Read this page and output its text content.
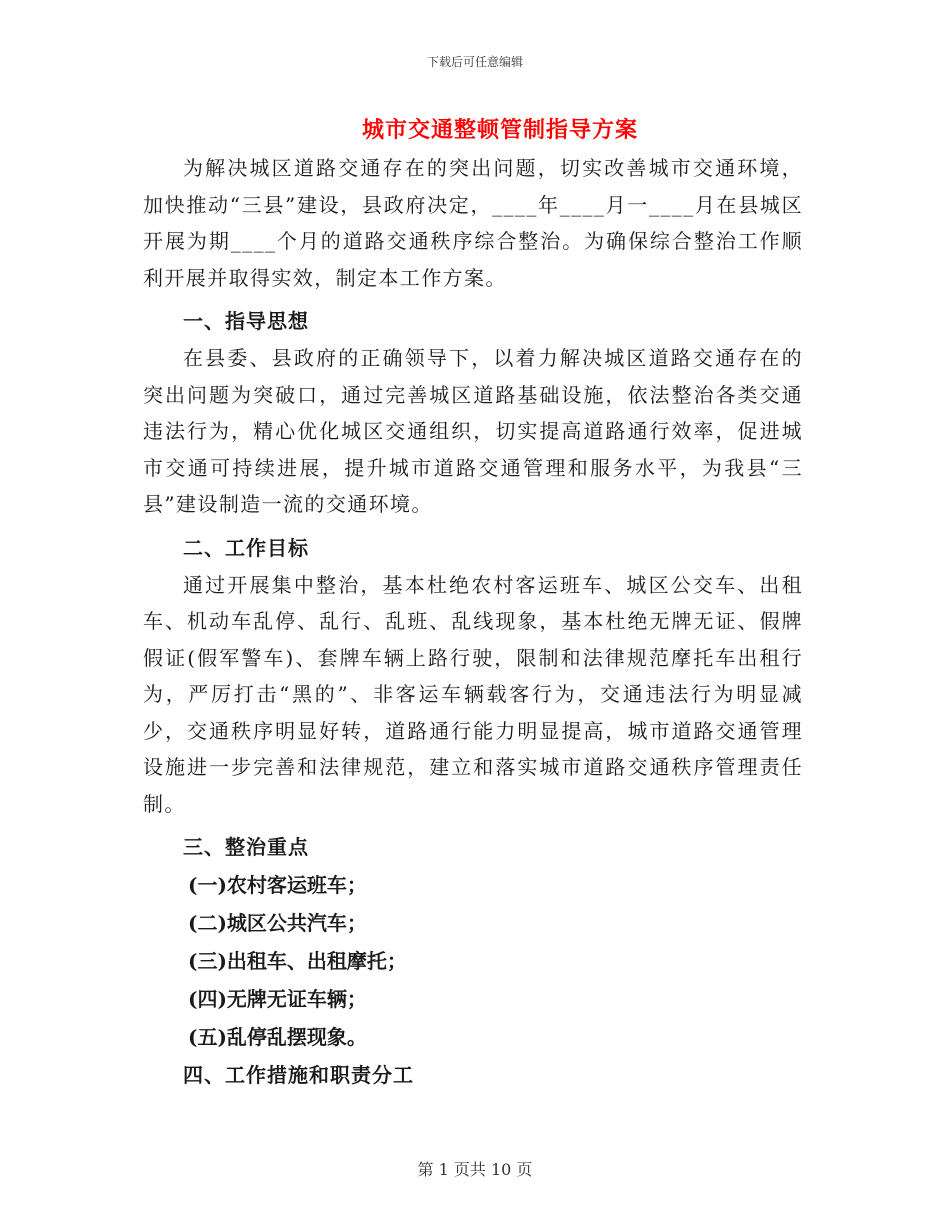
下载后可任意编辑
城市交通整顿管制指导方案

为解决城区道路交通存在的突出问题，切实改善城市交通环境，加快推动“三县”建设，县政府决定，____年____月一____月在县城区开展为期____个月的道路交通秩序综合整治。为确保综合整治工作顺利开展并取得实效，制定本工作方案。

一、指导思想

在县委、县政府的正确领导下，以着力解决城区道路交通存在的突出问题为突破口，通过完善城区道路基础设施，依法整治各类交通违法行为，精心优化城区交通组织，切实提高道路通行效率，促进城市交通可持续进展，提升城市道路交通管理和服务水平，为我县“三县”建设制造一流的交通环境。

二、工作目标

通过开展集中整治，基本杜绝农村客运班车、城区公交车、出租车、机动车乱停、乱行、乱班、乱线现象，基本杜绝无牌无证、假牌假证(假军警车)、套牌车辆上路行驶，限制和法律规范摩托车出租行为，严厉打击“黑的”、非客运车辆载客行为，交通违法行为明显减少，交通秩序明显好转，道路通行能力明显提高，城市道路交通管理设施进一步完善和法律规范，建立和落实城市道路交通秩序管理责任制。

三、整治重点

(一)农村客运班车；

(二)城区公共汽车；

(三)出租车、出租摩托；

(四)无牌无证车辆；

(五)乱停乱摆现象。

四、工作措施和职责分工

第 1 页共 10 页
